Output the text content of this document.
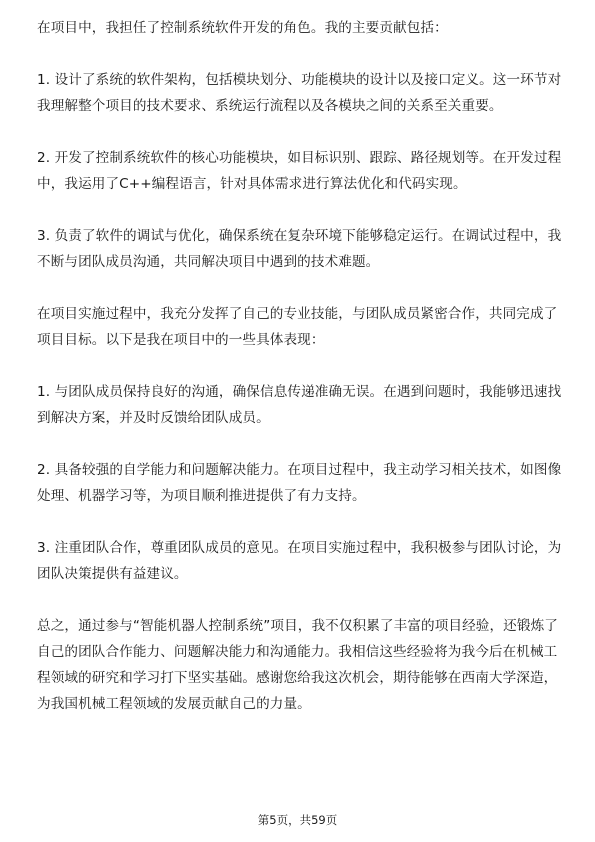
在项目中，我担任了控制系统软件开发的角色。我的主要贡献包括：

1. 设计了系统的软件架构，包括模块划分、功能模块的设计以及接口定义。这一环节对我理解整个项目的技术要求、系统运行流程以及各模块之间的关系至关重要。

2. 开发了控制系统软件的核心功能模块，如目标识别、跟踪、路径规划等。在开发过程中，我运用了C++编程语言，针对具体需求进行算法优化和代码实现。

3. 负责了软件的调试与优化，确保系统在复杂环境下能够稳定运行。在调试过程中，我不断与团队成员沟通，共同解决项目中遇到的技术难题。

在项目实施过程中，我充分发挥了自己的专业技能，与团队成员紧密合作，共同完成了项目目标。以下是我在项目中的一些具体表现：

1. 与团队成员保持良好的沟通，确保信息传递准确无误。在遇到问题时，我能够迅速找到解决方案，并及时反馈给团队成员。

2. 具备较强的自学能力和问题解决能力。在项目过程中，我主动学习相关技术，如图像处理、机器学习等，为项目顺利推进提供了有力支持。

3. 注重团队合作，尊重团队成员的意见。在项目实施过程中，我积极参与团队讨论，为团队决策提供有益建议。

总之，通过参与“智能机器人控制系统”项目，我不仅积累了丰富的项目经验，还锻炼了自己的团队合作能力、问题解决能力和沟通能力。我相信这些经验将为我今后在机械工程领域的研究和学习打下坚实基础。感谢您给我这次机会，期待能够在西南大学深造，为我国机械工程领域的发展贡献自己的力量。

第5页，共59页
